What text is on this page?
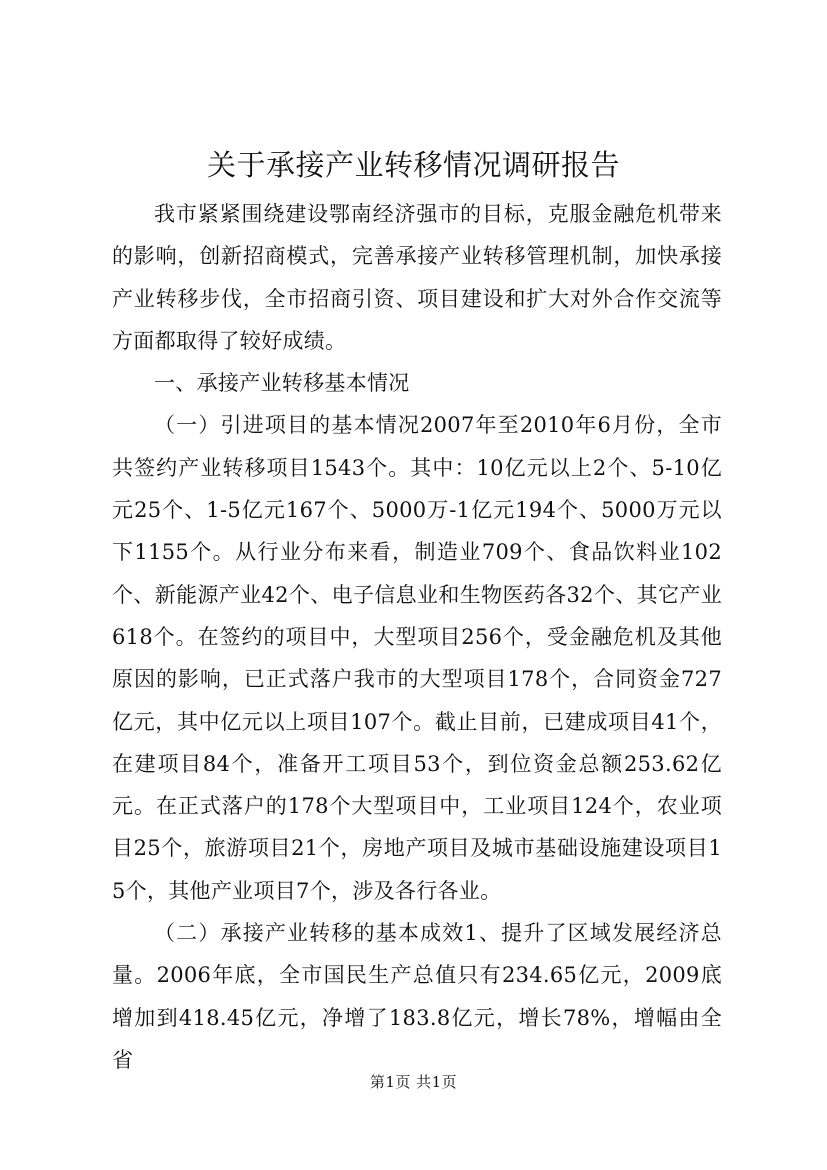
关于承接产业转移情况调研报告

我市紧紧围绕建设鄂南经济强市的目标，克服金融危机带来的影响，创新招商模式，完善承接产业转移管理机制，加快承接产业转移步伐，全市招商引资、项目建设和扩大对外合作交流等方面都取得了较好成绩。

一、承接产业转移基本情况

（一）引进项目的基本情况2007年至2010年6月份，全市共签约产业转移项目1543个。其中：10亿元以上2个、5-10亿元25个、1-5亿元167个、5000万-1亿元194个、5000万元以下1155个。从行业分布来看，制造业709个、食品饮料业102个、新能源产业42个、电子信息业和生物医药各32个、其它产业618个。在签约的项目中，大型项目256个，受金融危机及其他原因的影响，已正式落户我市的大型项目178个，合同资金727亿元，其中亿元以上项目107个。截止目前，已建成项目41个，在建项目84个，准备开工项目53个，到位资金总额253.62亿元。在正式落户的178个大型项目中，工业项目124个，农业项目25个，旅游项目21个，房地产项目及城市基础设施建设项目15个，其他产业项目7个，涉及各行各业。

（二）承接产业转移的基本成效1、提升了区域发展经济总量。2006年底，全市国民生产总值只有234.65亿元，2009底增加到418.45亿元，净增了183.8亿元，增长78%，增幅由全省

第1页 共1页
